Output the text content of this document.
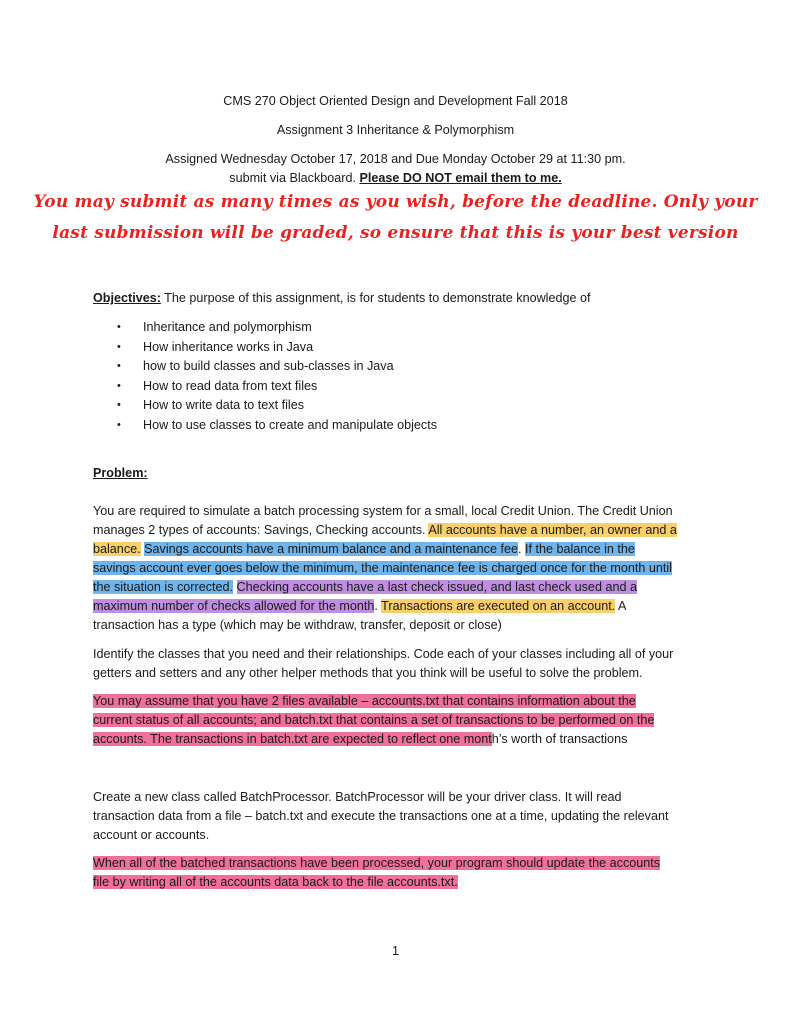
CMS 270 Object Oriented Design and Development Fall 2018
Assignment 3 Inheritance & Polymorphism
Assigned Wednesday October 17, 2018 and Due Monday October 29 at 11:30 pm.
submit via Blackboard. Please DO NOT email them to me.
You may submit as many times as you wish, before the deadline. Only your
last submission will be graded, so ensure that this is your best version
Objectives: The purpose of this assignment, is for students to demonstrate knowledge of
• Inheritance and polymorphism
• How inheritance works in Java
• how to build classes and sub-classes in Java
• How to read data from text files
• How to write data to text files
• How to use classes to create and manipulate objects
Problem:
You are required to simulate a batch processing system for a small, local Credit Union. The Credit Union
manages 2 types of accounts: Savings, Checking accounts. All accounts have a number, an owner and a
balance. Savings accounts have a minimum balance and a maintenance fee. If the balance in the
savings account ever goes below the minimum, the maintenance fee is charged once for the month until
the situation is corrected. Checking accounts have a last check issued, and last check used and a
maximum number of checks allowed for the month. Transactions are executed on an account. A
transaction has a type (which may be withdraw, transfer, deposit or close)
Identify the classes that you need and their relationships. Code each of your classes including all of your
getters and setters and any other helper methods that you think will be useful to solve the problem.
You may assume that you have 2 files available – accounts.txt that contains information about the
current status of all accounts; and batch.txt that contains a set of transactions to be performed on the
accounts. The transactions in batch.txt are expected to reflect one month’s worth of transactions
Create a new class called BatchProcessor. BatchProcessor will be your driver class. It will read
transaction data from a file – batch.txt and execute the transactions one at a time, updating the relevant
account or accounts.
When all of the batched transactions have been processed, your program should update the accounts
file by writing all of the accounts data back to the file accounts.txt.
1
